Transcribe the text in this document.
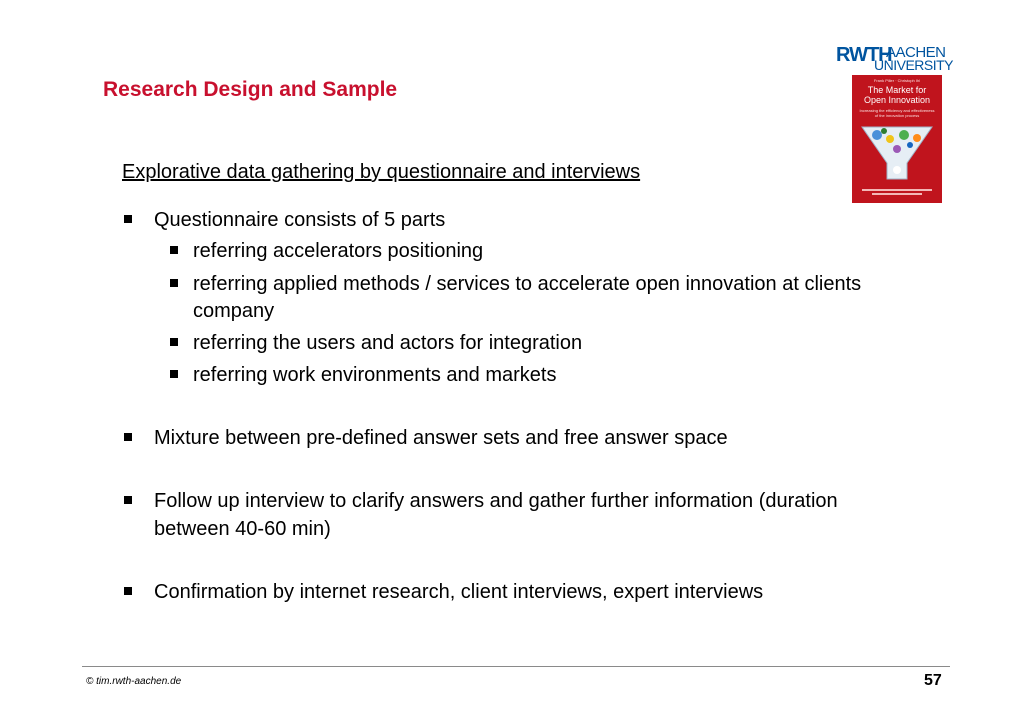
Research Design and Sample
RWTH
AACHEN
UNIVERSITY
Frank Piller · Christoph Ihl
The Market for
Open Innovation
Increasing the efficiency and effectiveness of the innovation process
Explorative data gathering by questionnaire and interviews
Questionnaire consists of 5 parts
referring accelerators positioning
referring applied methods / services to accelerate open innovation at clients
company
referring the users and actors for integration
referring work environments and markets
Mixture between pre-defined answer sets and free answer space
Follow up interview to clarify answers and gather further information (duration
between 40-60 min)
Confirmation by internet research, client interviews, expert interviews
© tim.rwth-aachen.de	57
